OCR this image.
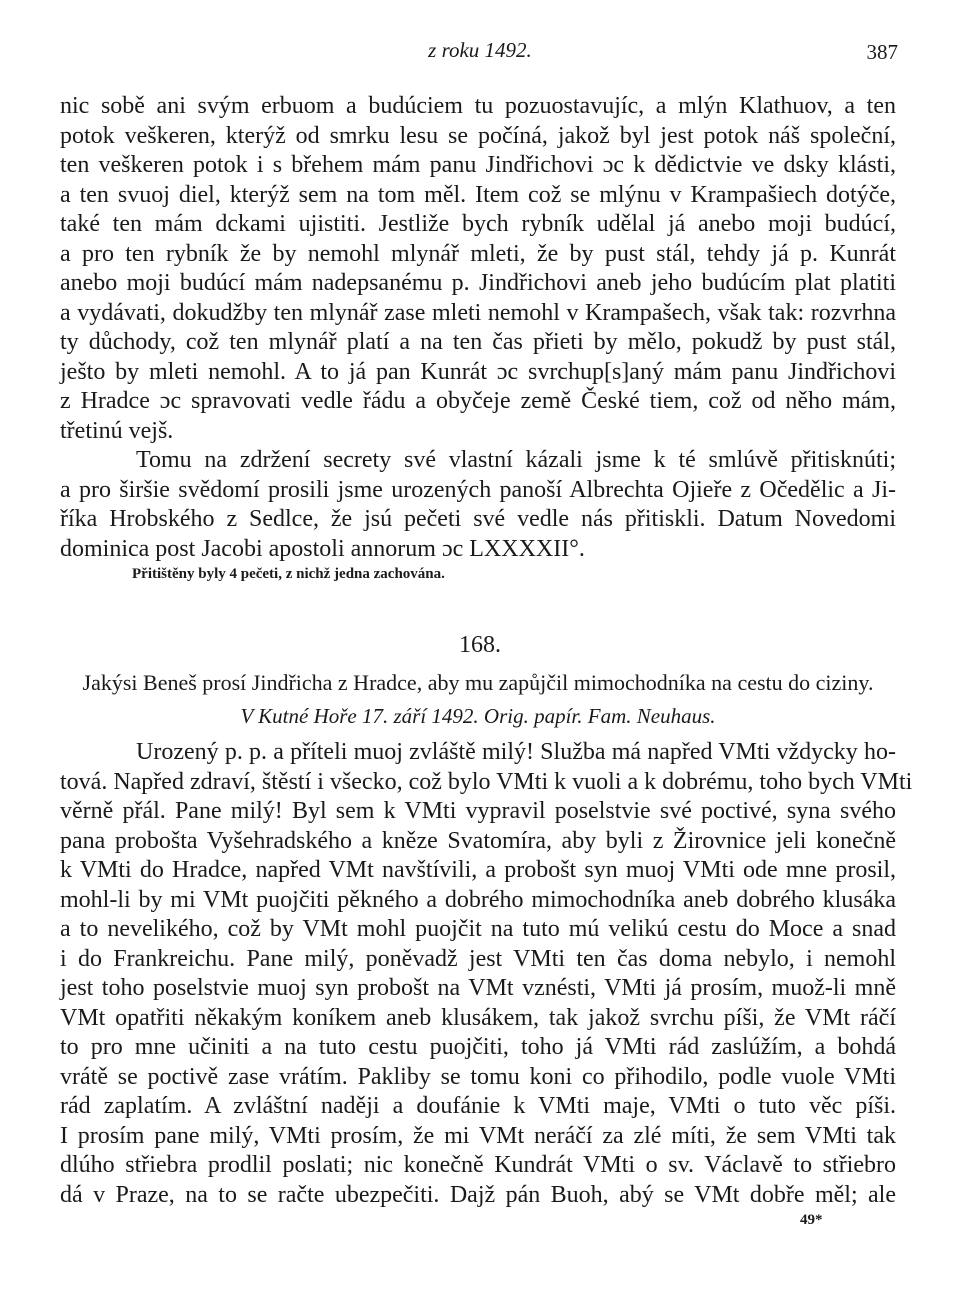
z roku 1492.	387
nic sobě ani svým erbuom a budúciem tu pozuostavujíc, a mlýn Klathuov, a ten
potok veškeren, kterýž od smrku lesu se počíná, jakož byl jest potok náš společní,
ten veškeren potok i s břehem mám panu Jindřichovi ɔc k dědictvie ve dsky klásti,
a ten svuoj diel, kterýž sem na tom měl. Item což se mlýnu v Krampašiech dotýče,
také ten mám dckami ujistiti. Jestliže bych rybník udělal já anebo moji budúcí,
a pro ten rybník že by nemohl mlynář mleti, že by pust stál, tehdy já p. Kunrát
anebo moji budúcí mám nadepsanému p. Jindřichovi aneb jeho budúcím plat platiti
a vydávati, dokudžby ten mlynář zase mleti nemohl v Krampašech, však tak: rozvrhna
ty důchody, což ten mlynář platí a na ten čas přieti by mělo, pokudž by pust stál,
ješto by mleti nemohl. A to já pan Kunrát ɔc svrchup[s]aný mám panu Jindřichovi
z Hradce ɔc spravovati vedle řádu a obyčeje země České tiem, což od něho mám,
třetinú vejš.
Tomu na zdržení secrety své vlastní kázali jsme k té smlúvě přitisknúti;
a pro širšie svědomí prosili jsme urozených panoší Albrechta Ojieře z Očedělic a Ji-
říka Hrobského z Sedlce, že jsú pečeti své vedle nás přitiskli. Datum Novedomi
dominica post Jacobi apostoli annorum ɔc LXXXXII°.
Přitištěny byly 4 pečeti, z nichž jedna zachována.
168.
Jakýsi Beneš prosí Jindřicha z Hradce, aby mu zapůjčil mimochodníka na cestu do ciziny.
V Kutné Hoře 17. září 1492. Orig. papír. Fam. Neuhaus.
Urozený p. p. a příteli muoj zvláště milý! Služba má napřed VMti vždycky ho-
tová. Napřed zdraví, štěstí i všecko, což bylo VMti k vuoli a k dobrému, toho bych VMti
věrně přál. Pane milý! Byl sem k VMti vypravil poselstvie své poctivé, syna svého
pana probošta Vyšehradského a kněze Svatomíra, aby byli z Žirovnice jeli konečně
k VMti do Hradce, napřed VMt navštívili, a probošt syn muoj VMti ode mne prosil,
mohl-li by mi VMt puojčiti pěkného a dobrého mimochodníka aneb dobrého klusáka
a to nevelikého, což by VMt mohl puojčit na tuto mú velikú cestu do Moce a snad
i do Frankreichu. Pane milý, poněvadž jest VMti ten čas doma nebylo, i nemohl
jest toho poselstvie muoj syn probošt na VMt vznésti, VMti já prosím, muož-li mně
VMt opatřiti někakým koníkem aneb klusákem, tak jakož svrchu píši, že VMt ráčí
to pro mne učiniti a na tuto cestu puojčiti, toho já VMti rád zaslúžím, a bohdá
vrátě se poctivě zase vrátím. Pakliby se tomu koni co přihodilo, podle vuole VMti
rád zaplatím. A zvláštní naději a doufánie k VMti maje, VMti o tuto věc píši.
I prosím pane milý, VMti prosím, že mi VMt neráčí za zlé míti, že sem VMti tak
dlúho střiebra prodlil poslati; nic konečně Kundrát VMti o sv. Václavě to střiebro
dá v Praze, na to se račte ubezpečiti. Dajž pán Buoh, abý se VMt dobře měl; ale
49*
